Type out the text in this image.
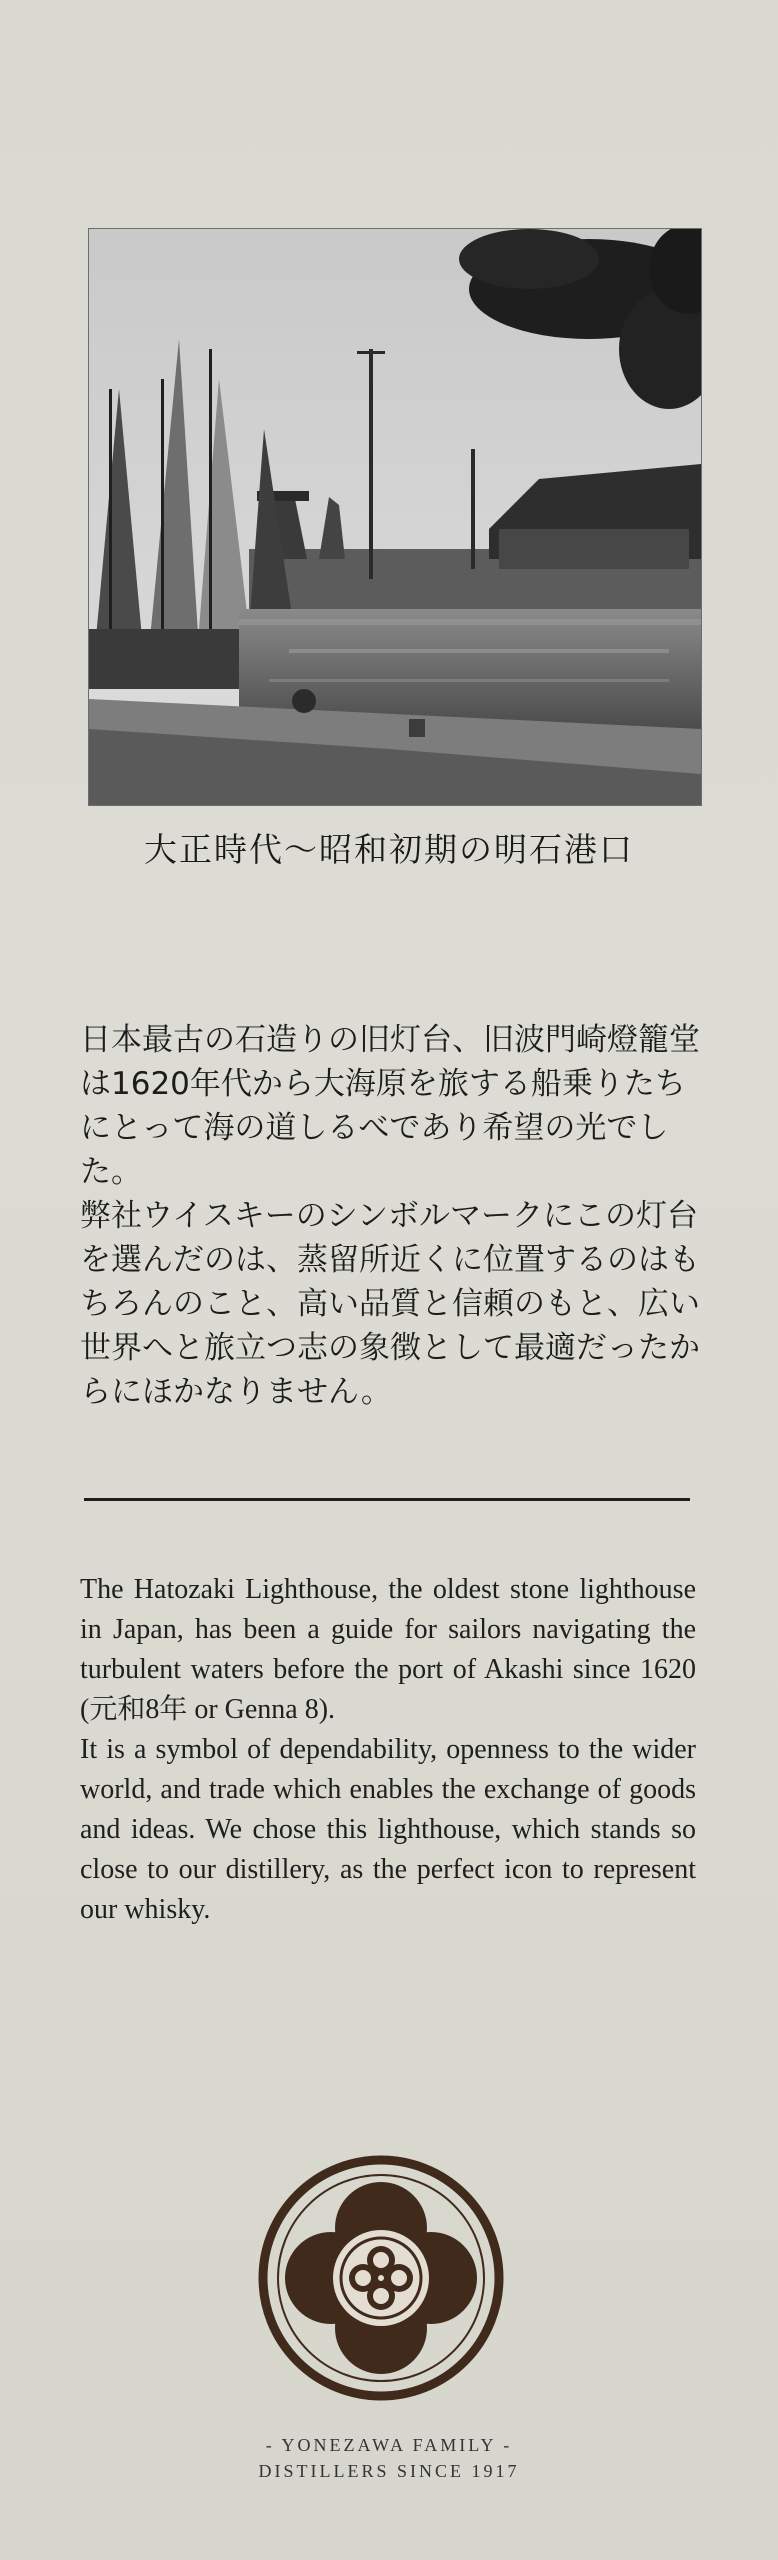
大正時代〜昭和初期の明石港口

日本最古の石造りの旧灯台、旧波門崎燈籠堂は1620年代から大海原を旅する船乗りたちにとって海の道しるべであり希望の光でした。

弊社ウイスキーのシンボルマークにこの灯台を選んだのは、蒸留所近くに位置するのはもちろんのこと、高い品質と信頼のもと、広い世界へと旅立つ志の象徴として最適だったからにほかなりません。

The Hatozaki Lighthouse, the oldest stone lighthouse in Japan, has been a guide for sailors navigating the turbulent waters before the port of Akashi since 1620 (元和8年 or Genna 8).

It is a symbol of dependability, openness to the wider world, and trade which enables the exchange of goods and ideas. We chose this lighthouse, which stands so close to our distillery, as the perfect icon to represent our whisky.

- YONEZAWA FAMILY -
DISTILLERS SINCE 1917
